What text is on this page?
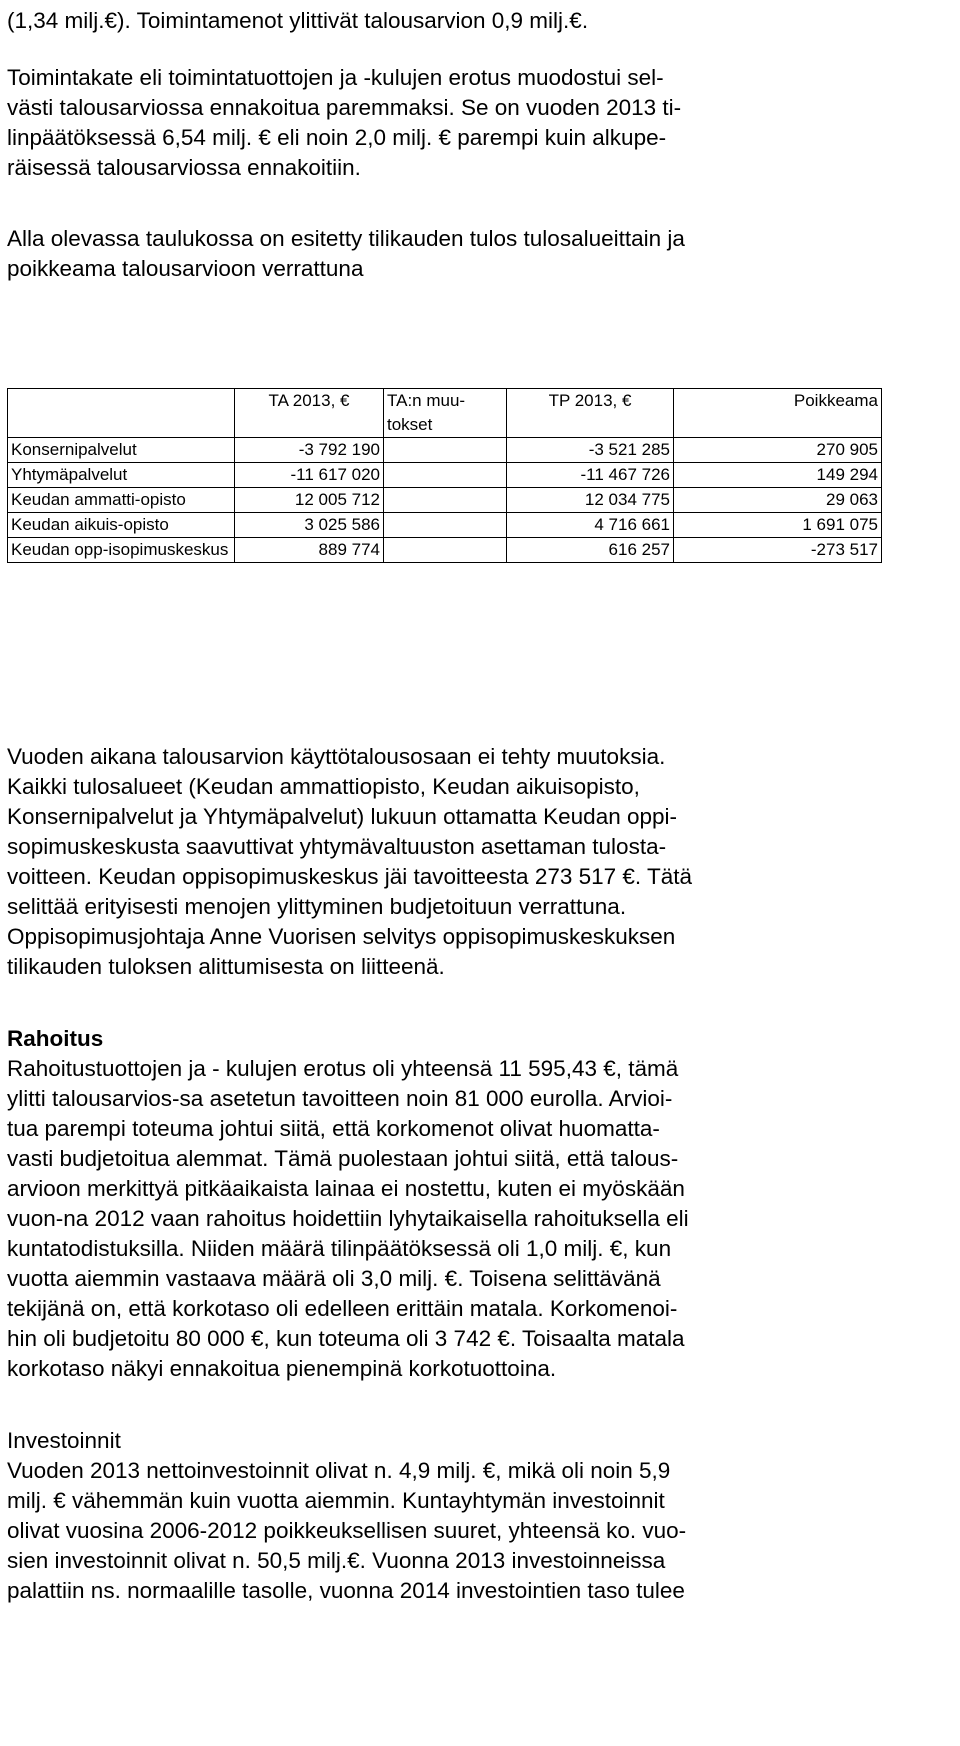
(1,34 milj.€). Toimintamenot ylittivät talousarvion 0,9 milj.€.
Toimintakate eli toimintatuottojen ja -kulujen erotus muodostui sel-
västi talousarviossa ennakoitua paremmaksi. Se on vuoden 2013 ti-
linpäätöksessä 6,54 milj. € eli noin 2,0 milj. € parempi kuin alkupe-
räisessä talousarviossa ennakoitiin.
Alla olevassa taulukossa on esitetty tilikauden tulos tulosalueittain ja
poikkeama talousarvioon verrattuna
	TA 2013, €	TA:n muu-tokset	TP 2013, €	Poikkeama
Konsernipalvelut	-3 792 190		-3 521 285	270 905
Yhtymäpalvelut	-11 617 020		-11 467 726	149 294
Keudan ammatti-opisto	12 005 712		12 034 775	29 063
Keudan aikuis-opisto	3 025 586		4 716 661	1 691 075
Keudan opp-isopimuskeskus	889 774		616 257	-273 517
Vuoden aikana talousarvion käyttötalousosaan ei tehty muutoksia.
Kaikki tulosalueet (Keudan ammattiopisto, Keudan aikuisopisto,
Konsernipalvelut ja Yhtymäpalvelut) lukuun ottamatta Keudan oppi-
sopimuskeskusta saavuttivat yhtymävaltuuston asettaman tulosta-
voitteen. Keudan oppisopimuskeskus jäi tavoitteesta 273 517 €. Tätä
selittää erityisesti menojen ylittyminen budjetoituun verrattuna.
Oppisopimusjohtaja Anne Vuorisen selvitys oppisopimuskeskuksen
tilikauden tuloksen alittumisesta on liitteenä.
Rahoitus
Rahoitustuottojen ja - kulujen erotus oli yhteensä 11 595,43 €, tämä
ylitti talousarvios-sa asetetun tavoitteen noin 81 000 eurolla. Arvioi-
tua parempi toteuma johtui siitä, että korkomenot olivat huomatta-
vasti budjetoitua alemmat. Tämä puolestaan johtui siitä, että talous-
arvioon merkittyä pitkäaikaista lainaa ei nostettu, kuten ei myöskään
vuon-na 2012 vaan rahoitus hoidettiin lyhytaikaisella rahoituksella eli
kuntatodistuksilla. Niiden määrä tilinpäätöksessä oli 1,0 milj. €, kun
vuotta aiemmin vastaava määrä oli 3,0 milj. €. Toisena selittävänä
tekijänä on, että korkotaso oli edelleen erittäin matala. Korkomenoi-
hin oli budjetoitu 80 000 €, kun toteuma oli 3 742 €. Toisaalta matala
korkotaso näkyi ennakoitua pienempinä korkotuottoina.
Investoinnit
Vuoden 2013 nettoinvestoinnit olivat n. 4,9 milj. €, mikä oli noin 5,9
milj. € vähemmän kuin vuotta aiemmin. Kuntayhtymän investoinnit
olivat vuosina 2006-2012 poikkeuksellisen suuret, yhteensä ko. vuo-
sien investoinnit olivat n. 50,5 milj.€. Vuonna 2013 investoinneissa
palattiin ns. normaalille tasolle, vuonna 2014 investointien taso tulee
